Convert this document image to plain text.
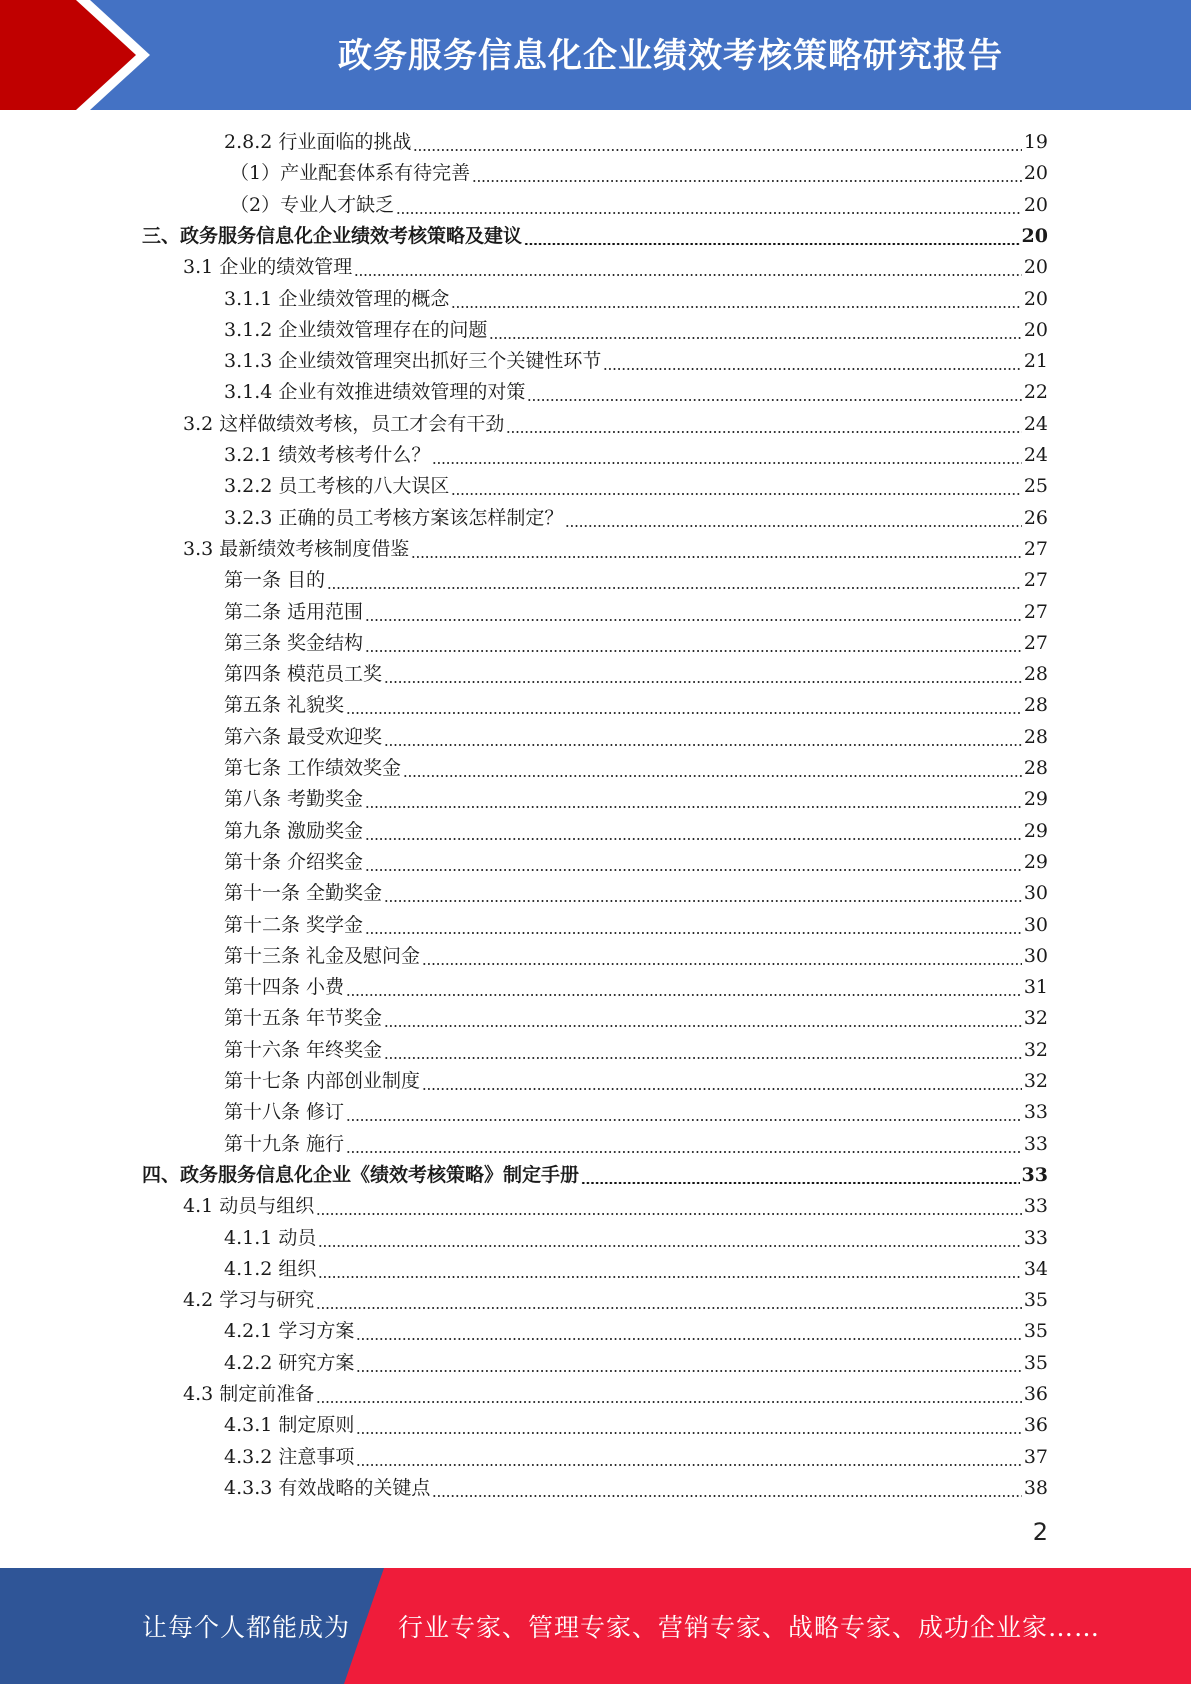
政务服务信息化企业绩效考核策略研究报告
2.8.2 行业面临的挑战	19
（1）产业配套体系有待完善	20
（2）专业人才缺乏	20
三、政务服务信息化企业绩效考核策略及建议	20
3.1 企业的绩效管理	20
3.1.1 企业绩效管理的概念	20
3.1.2 企业绩效管理存在的问题	20
3.1.3 企业绩效管理突出抓好三个关键性环节	21
3.1.4 企业有效推进绩效管理的对策	22
3.2 这样做绩效考核，员工才会有干劲	24
3.2.1 绩效考核考什么？	24
3.2.2 员工考核的八大误区	25
3.2.3 正确的员工考核方案该怎样制定？	26
3.3 最新绩效考核制度借鉴	27
第一条 目的	27
第二条 适用范围	27
第三条 奖金结构	27
第四条 模范员工奖	28
第五条 礼貌奖	28
第六条 最受欢迎奖	28
第七条 工作绩效奖金	28
第八条 考勤奖金	29
第九条 激励奖金	29
第十条 介绍奖金	29
第十一条 全勤奖金	30
第十二条 奖学金	30
第十三条 礼金及慰问金	30
第十四条 小费	31
第十五条 年节奖金	32
第十六条 年终奖金	32
第十七条 内部创业制度	32
第十八条 修订	33
第十九条 施行	33
四、政务服务信息化企业《绩效考核策略》制定手册	33
4.1 动员与组织	33
4.1.1 动员	33
4.1.2 组织	34
4.2 学习与研究	35
4.2.1 学习方案	35
4.2.2 研究方案	35
4.3 制定前准备	36
4.3.1 制定原则	36
4.3.2 注意事项	37
4.3.3 有效战略的关键点	38
2
让每个人都能成为 行业专家、管理专家、营销专家、战略专家、成功企业家……
